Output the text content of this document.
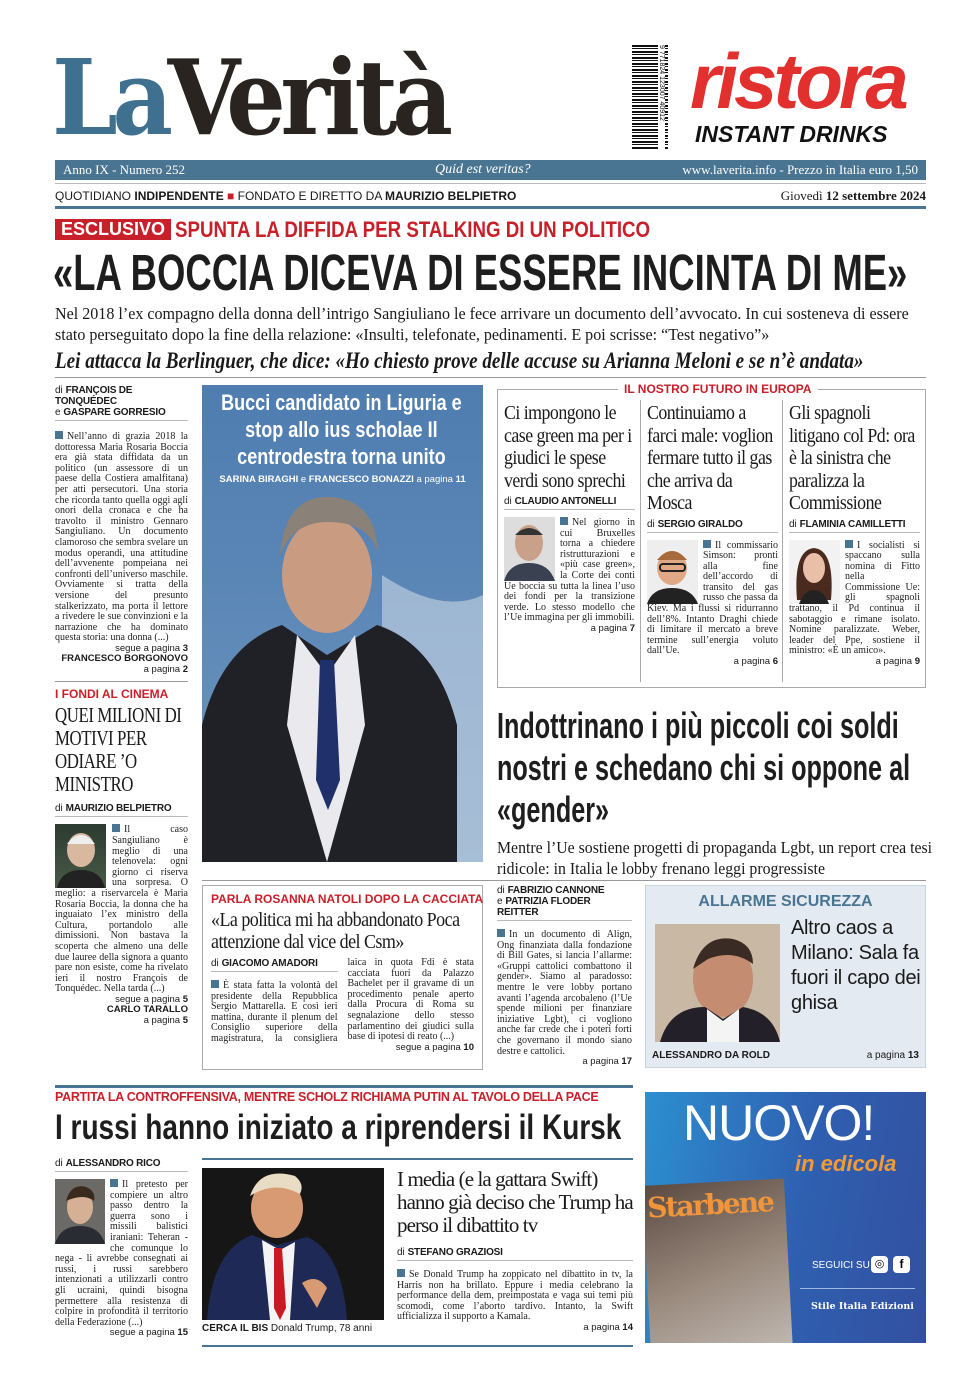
LaVerità	9 771824 123007 40912 ristora
INSTANT DRINKS
Anno IX - Numero 252	Quid est veritas?	www.laverita.info - Prezzo in Italia euro 1,50
QUOTIDIANO INDIPENDENTE ■ FONDATO E DIRETTO DA MAURIZIO BELPIETRO	Giovedì 12 settembre 2024
ESCLUSIVO SPUNTA LA DIFFIDA PER STALKING DI UN POLITICO
«LA BOCCIA DICEVA DI ESSERE INCINTA DI ME»
Nel 2018 l’ex compagno della donna dell’intrigo Sangiuliano le fece arrivare un documento dell’avvocato. In cui sosteneva di essere stato perseguitato dopo la fine della relazione: «Insulti, telefonate, pedinamenti. E poi scrisse: “Test negativo”»
Lei attacca la Berlinguer, che dice: «Ho chiesto prove delle accuse su Arianna Meloni e se n’è andata»
di FRANÇOIS DE TONQUÉDEC
e GASPARE GORRESIO
Nell’anno di grazia 2018 la dottoressa Maria Rosaria Boccia era già stata diffidata da un politico (un assessore di un paese della Costiera amalfitana) per atti persecutori. Una storia che ricorda tanto quella oggi agli onori della cronaca e che ha travolto il ministro Gennaro Sangiuliano. Un documento clamoroso che sembra svelare un modus operandi, una attitudine dell’avvenente pompeiana nei confronti dell’universo maschile. Ovviamente si tratta della versione del presunto stalkerizzato, ma porta il lettore a rivedere le sue convinzioni e la narrazione che ha dominato questa storia: una donna (...)
segue a pagina 3
FRANCESCO BORGONOVO
a pagina 2
I FONDI AL CINEMA
QUEI MILIONI DI MOTIVI PER ODIARE ’O MINISTRO
di MAURIZIO BELPIETRO
Il caso Sangiuliano è meglio di una telenovela: ogni giorno ci riserva una sorpresa. O meglio: a riservarcela è Maria Rosaria Boccia, la donna che ha inguaiato l’ex ministro della Cultura, portandolo alle dimissioni. Non bastava la scoperta che almeno una delle due lauree della signora a quanto pare non esiste, come ha rivelato ieri il nostro François de Tonquédec. Nella tarda (...)
segue a pagina 5
CARLO TARALLO
a pagina 5
Bucci candidato in Liguria e stop allo ius scholae Il centrodestra torna unito
SARINA BIRAGHI e FRANCESCO BONAZZI a pagina 11
IL NOSTRO FUTURO IN EUROPA
Ci impongono le case green ma per i giudici le spese verdi sono sprechi
di CLAUDIO ANTONELLI
Nel giorno in cui Bruxelles torna a chiedere ristrutturazioni e «più case green», la Corte dei conti Ue boccia su tutta la linea l’uso dei fondi per la transizione verde. Lo stesso modello che l’Ue immagina per gli immobili.
a pagina 7
Continuiamo a farci male: voglion fermare tutto il gas che arriva da Mosca
di SERGIO GIRALDO
Il commissario Simson: pronti alla fine dell’accordo di transito del gas russo che passa da Kiev. Ma i flussi si ridurranno dell’8%. Intanto Draghi chiede di limitare il mercato a breve termine sull’energia voluto dall’Ue.
a pagina 6
Gli spagnoli litigano col Pd: ora è la sinistra che paralizza la Commissione
di FLAMINIA CAMILLETTI
I socialisti si spaccano sulla nomina di Fitto nella Commissione Ue: gli spagnoli trattano, il Pd continua il sabotaggio e rimane isolato. Nomine paralizzate. Weber, leader del Ppe, sostiene il ministro: «È un amico».
a pagina 9
Indottrinano i più piccoli coi soldi nostri e schedano chi si oppone al «gender»
Mentre l’Ue sostiene progetti di propaganda Lgbt, un report crea tesi ridicole: in Italia le lobby frenano leggi progressiste
PARLA ROSANNA NATOLI DOPO LA CACCIATA
«La politica mi ha abbandonato Poca attenzione dal vice del Csm»
di GIACOMO AMADORI
È stata fatta la volontà del presidente della Repubblica Sergio Mattarella. E così ieri mattina, durante il plenum del Consiglio superiore della magistratura, la consigliera laica in quota Fdi è stata cacciata fuori da Palazzo Bachelet per il gravame di un procedimento penale aperto dalla Procura di Roma su segnalazione dello stesso parlamentino dei giudici sulla base di ipotesi di reato (...)
segue a pagina 10
di FABRIZIO CANNONE
e PATRIZIA FLODER REITTER
In un documento di Align, Ong finanziata dalla fondazione di Bill Gates, si lancia l’allarme: «Gruppi cattolici combattono il gender». Siamo al paradosso: mentre le vere lobby portano avanti l’agenda arcobaleno (l’Ue spende milioni per finanziare iniziative Lgbt), ci vogliono anche far crede che i poteri forti che governano il mondo siano destre e cattolici.
a pagina 17
ALLARME SICUREZZA
Altro caos a Milano: Sala fa fuori il capo dei ghisa
ALESSANDRO DA ROLD	a pagina 13
PARTITA LA CONTROFFENSIVA, MENTRE SCHOLZ RICHIAMA PUTIN AL TAVOLO DELLA PACE
I russi hanno iniziato a riprendersi il Kursk
di ALESSANDRO RICO
Il pretesto per compiere un altro passo dentro la guerra sono i missili balistici iraniani: Teheran - che comunque lo nega - li avrebbe consegnati ai russi, i russi sarebbero intenzionati a utilizzarli contro gli ucraini, quindi bisogna permettere alla resistenza di colpire in profondità il territorio della Federazione (...)
segue a pagina 15 CERCA IL BIS Donald Trump, 78 anni
I media (e la gattara Swift) hanno già deciso che Trump ha perso il dibattito tv
di STEFANO GRAZIOSI
Se Donald Trump ha zoppicato nel dibattito in tv, la Harris non ha brillato. Eppure i media celebrano la performance della dem, preimpostata e vaga sui temi più scomodi, come l’aborto tardivo. Intanto, la Swift ufficializza il supporto a Kamala.
a pagina 14
NUOVO!
in edicola
Starbene
SEGUICI SU ◎	f
Stile Italia Edizioni
